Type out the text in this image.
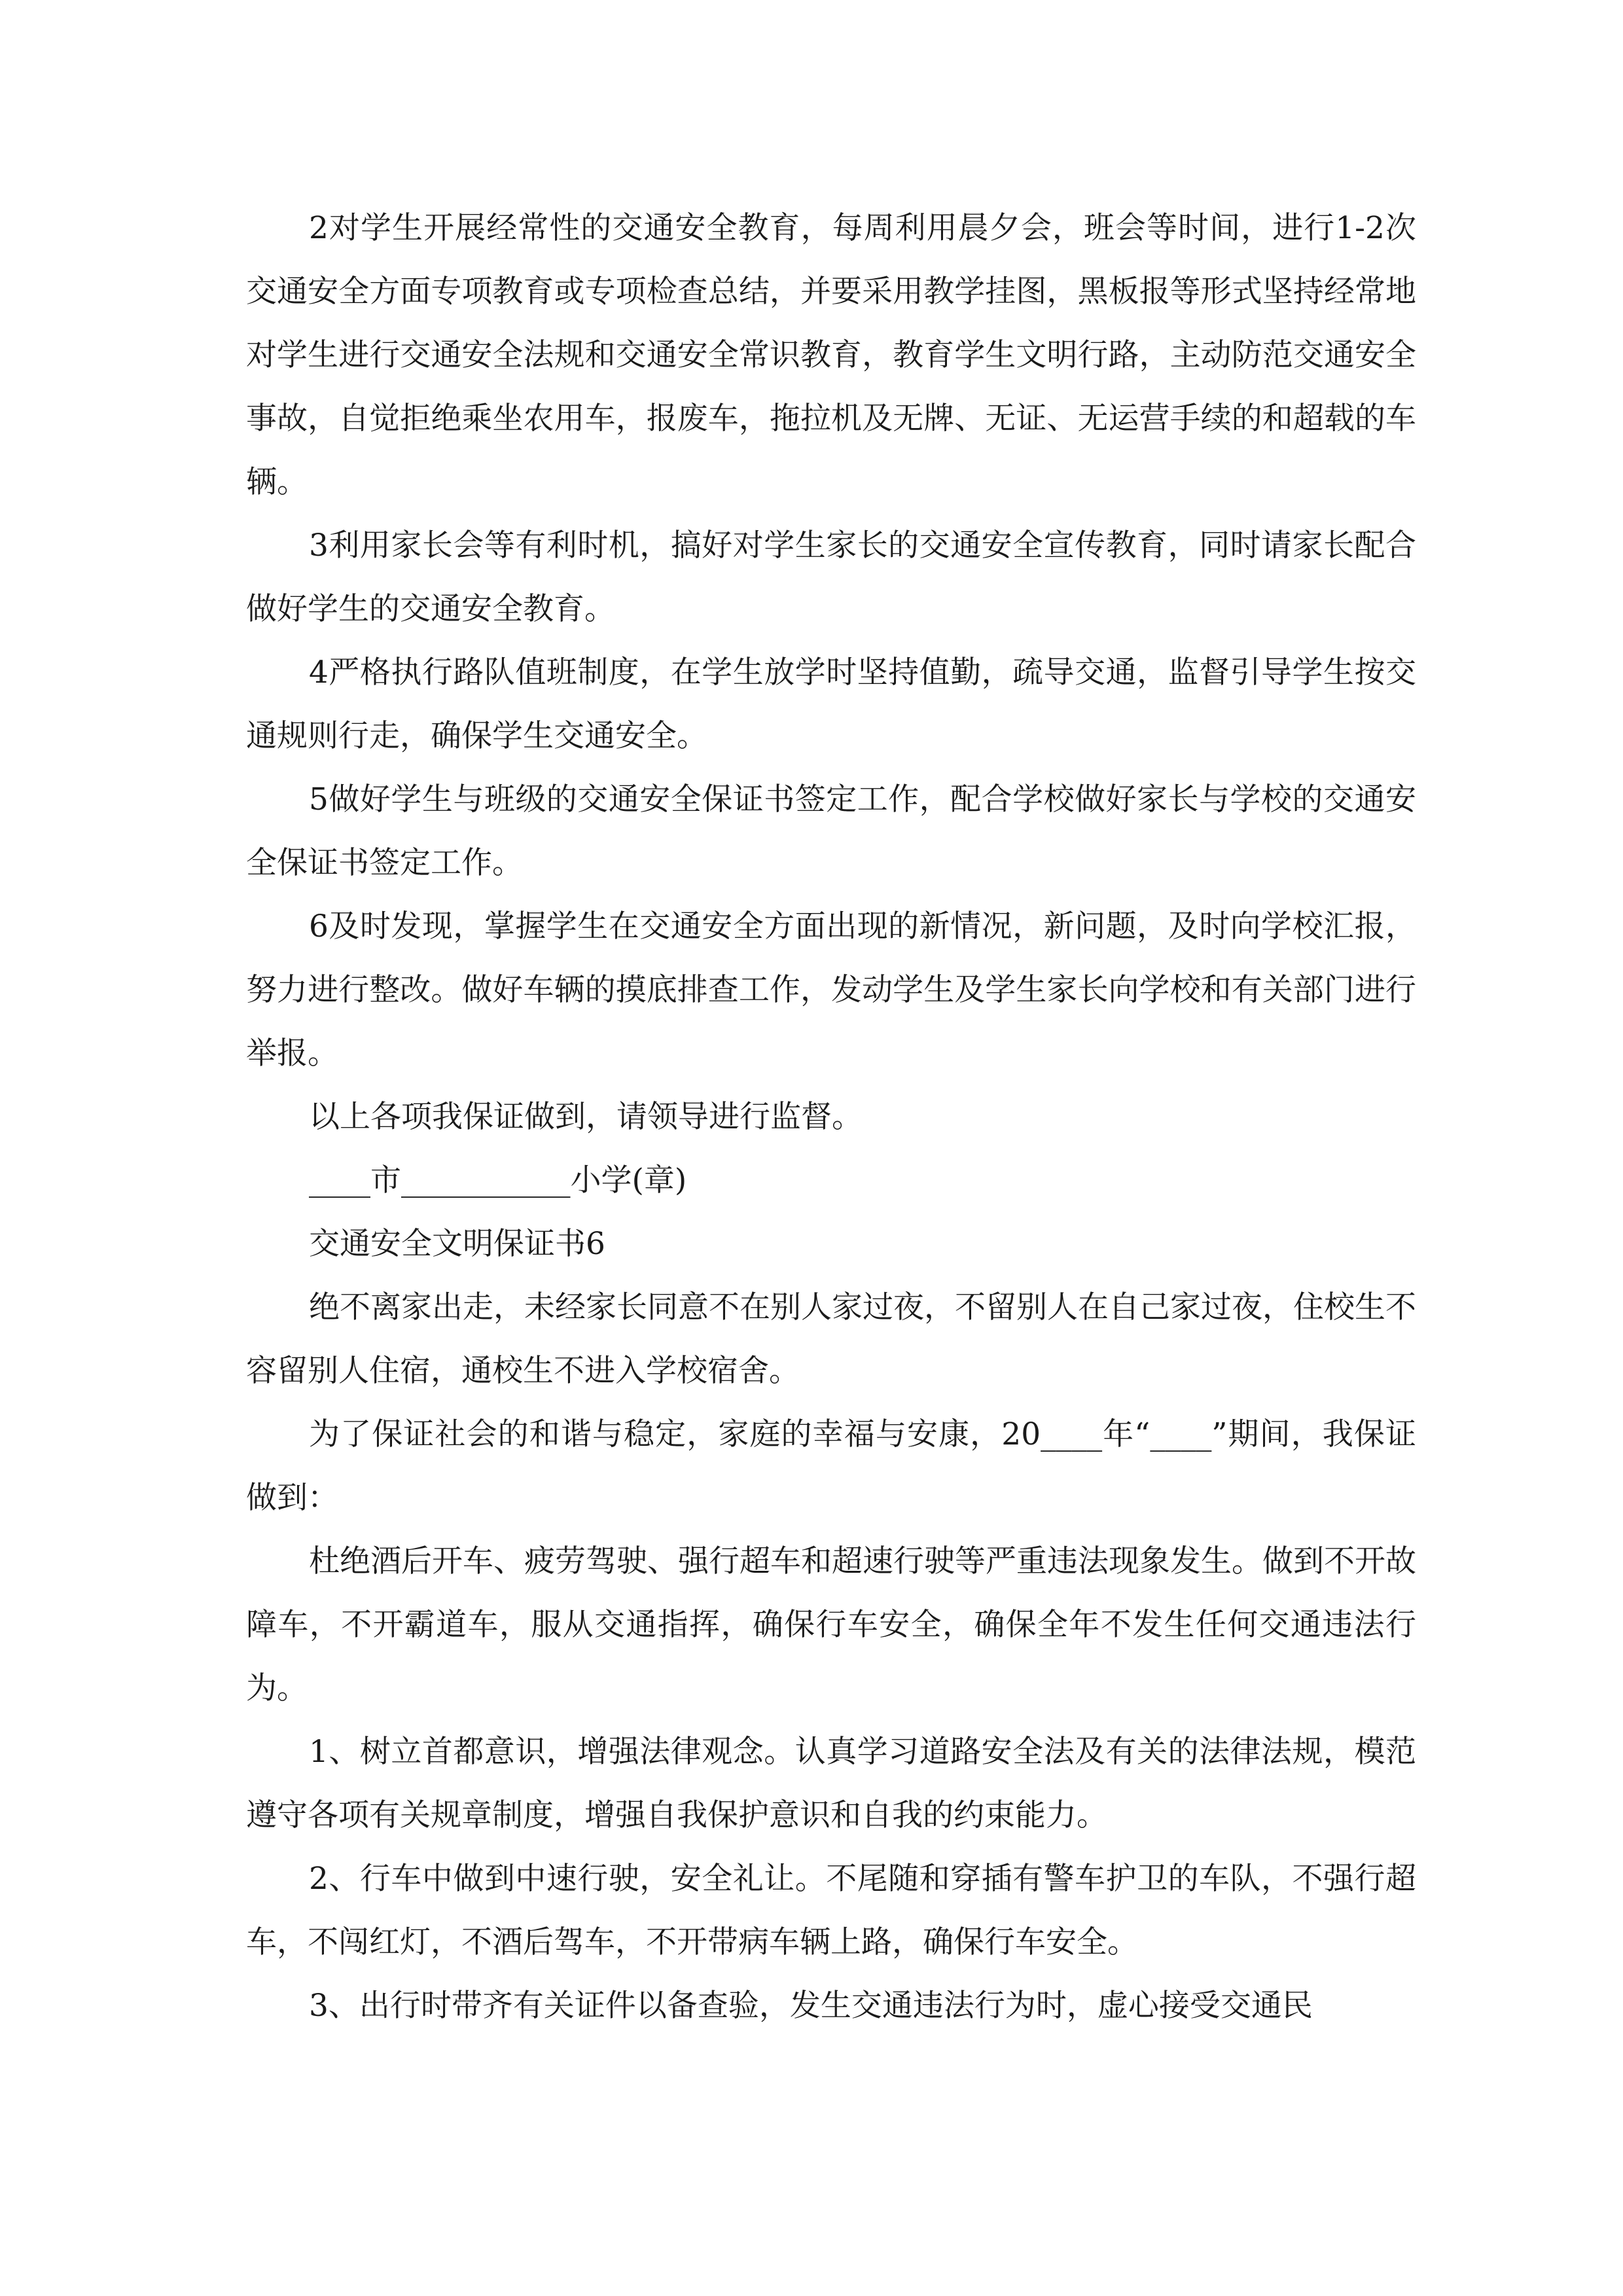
2对学生开展经常性的交通安全教育，每周利用晨夕会，班会等时间，进行1-2次交通安全方面专项教育或专项检查总结，并要采用教学挂图，黑板报等形式坚持经常地对学生进行交通安全法规和交通安全常识教育，教育学生文明行路，主动防范交通安全事故，自觉拒绝乘坐农用车，报废车，拖拉机及无牌、无证、无运营手续的和超载的车辆。

3利用家长会等有利时机，搞好对学生家长的交通安全宣传教育，同时请家长配合做好学生的交通安全教育。

4严格执行路队值班制度，在学生放学时坚持值勤，疏导交通，监督引导学生按交通规则行走，确保学生交通安全。

5做好学生与班级的交通安全保证书签定工作，配合学校做好家长与学校的交通安全保证书签定工作。

6及时发现，掌握学生在交通安全方面出现的新情况，新问题，及时向学校汇报，努力进行整改。做好车辆的摸底排查工作，发动学生及学生家长向学校和有关部门进行举报。

以上各项我保证做到，请领导进行监督。

____市___________小学(章)

交通安全文明保证书6

绝不离家出走，未经家长同意不在别人家过夜，不留别人在自己家过夜，住校生不容留别人住宿，通校生不进入学校宿舍。

为了保证社会的和谐与稳定，家庭的幸福与安康，20____年“____”期间，我保证做到：

杜绝酒后开车、疲劳驾驶、强行超车和超速行驶等严重违法现象发生。做到不开故障车，不开霸道车，服从交通指挥，确保行车安全，确保全年不发生任何交通违法行为。

1、树立首都意识，增强法律观念。认真学习道路安全法及有关的法律法规，模范遵守各项有关规章制度，增强自我保护意识和自我的约束能力。

2、行车中做到中速行驶，安全礼让。不尾随和穿插有警车护卫的车队，不强行超车，不闯红灯，不酒后驾车，不开带病车辆上路，确保行车安全。

3、出行时带齐有关证件以备查验，发生交通违法行为时，虚心接受交通民
